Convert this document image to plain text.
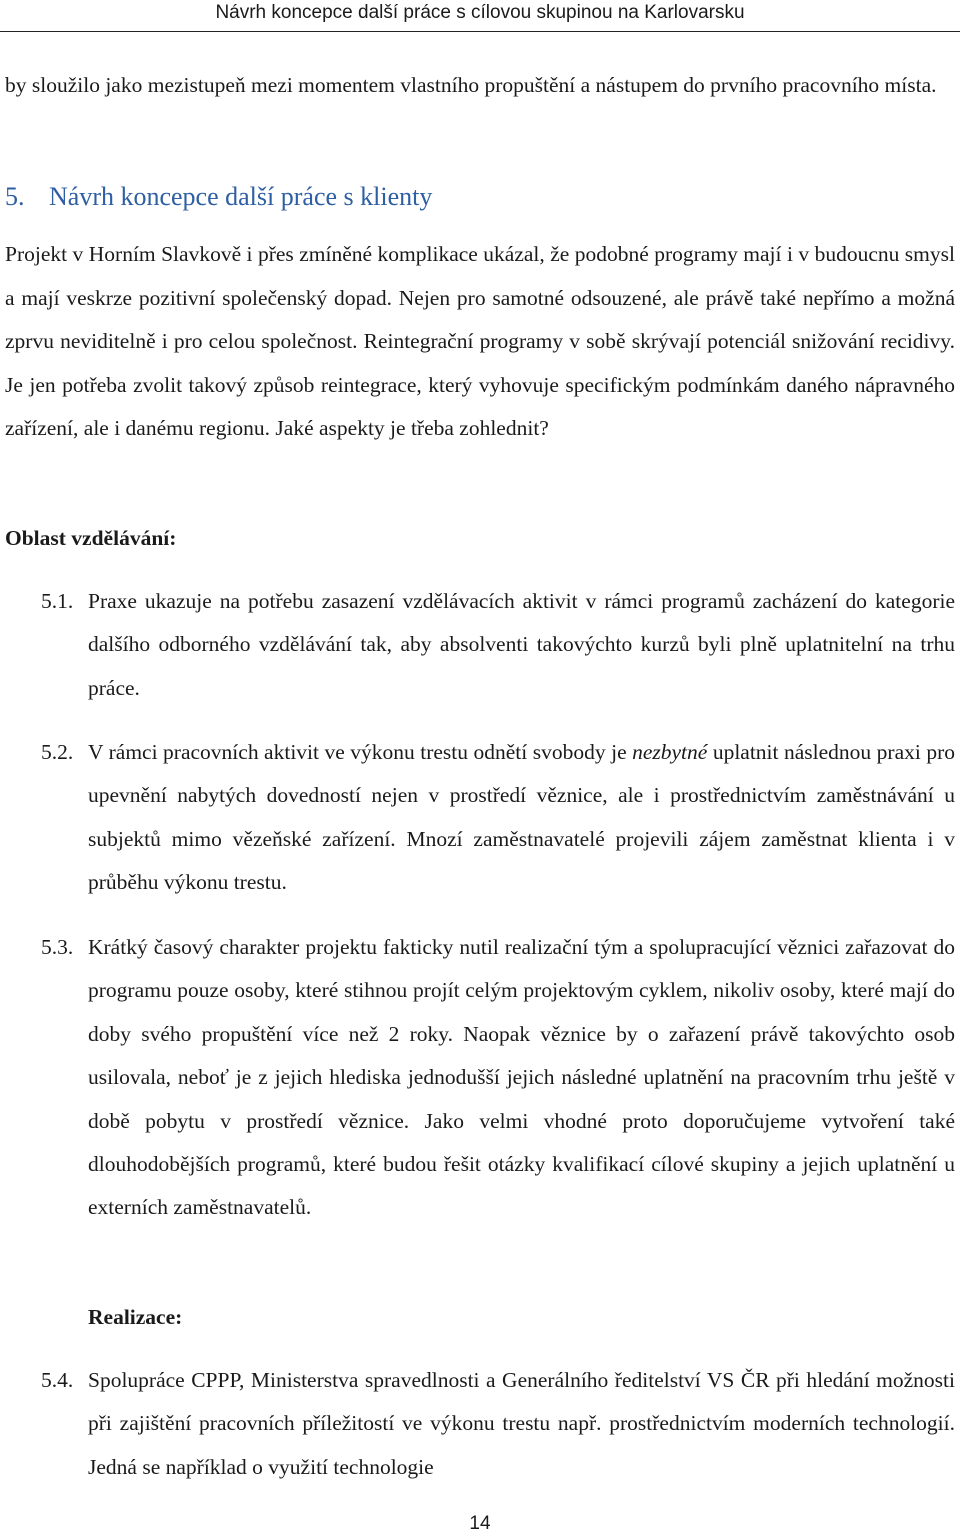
Návrh koncepce další práce s cílovou skupinou na Karlovarsku

by sloužilo jako mezistupeň mezi momentem vlastního propuštění a nástupem do prvního pracovního místa.

5. Návrh koncepce další práce s klienty

Projekt v Horním Slavkově i přes zmíněné komplikace ukázal, že podobné programy mají i v budoucnu smysl a mají veskrze pozitivní společenský dopad. Nejen pro samotné odsouzené, ale právě také nepřímo a možná zprvu neviditelně i pro celou společnost. Reintegrační programy v sobě skrývají potenciál snižování recidivy. Je jen potřeba zvolit takový způsob reintegrace, který vyhovuje specifickým podmínkám daného nápravného zařízení, ale i danému regionu. Jaké aspekty je třeba zohlednit?

Oblast vzdělávání:

5.1. Praxe ukazuje na potřebu zasazení vzdělávacích aktivit v rámci programů zacházení do kategorie dalšího odborného vzdělávání tak, aby absolventi takovýchto kurzů byli plně uplatnitelní na trhu práce.
5.2. V rámci pracovních aktivit ve výkonu trestu odnětí svobody je nezbytné uplatnit následnou praxi pro upevnění nabytých dovedností nejen v prostředí věznice, ale i prostřednictvím zaměstnávání u subjektů mimo vězeňské zařízení. Mnozí zaměstnavatelé projevili zájem zaměstnat klienta i v průběhu výkonu trestu.
5.3. Krátký časový charakter projektu fakticky nutil realizační tým a spolupracující věznici zařazovat do programu pouze osoby, které stihnou projít celým projektovým cyklem, nikoliv osoby, které mají do doby svého propuštění více než 2 roky. Naopak věznice by o zařazení právě takovýchto osob usilovala, neboť je z jejich hlediska jednodušší jejich následné uplatnění na pracovním trhu ještě v době pobytu v prostředí věznice. Jako velmi vhodné proto doporučujeme vytvoření také dlouhodobějších programů, které budou řešit otázky kvalifikací cílové skupiny a jejich uplatnění u externích zaměstnavatelů.

Realizace:

5.4. Spolupráce CPPP, Ministerstva spravedlnosti a Generálního ředitelství VS ČR při hledání možnosti při zajištění pracovních příležitostí ve výkonu trestu např. prostřednictvím moderních technologií. Jedná se například o využití technologie
14
